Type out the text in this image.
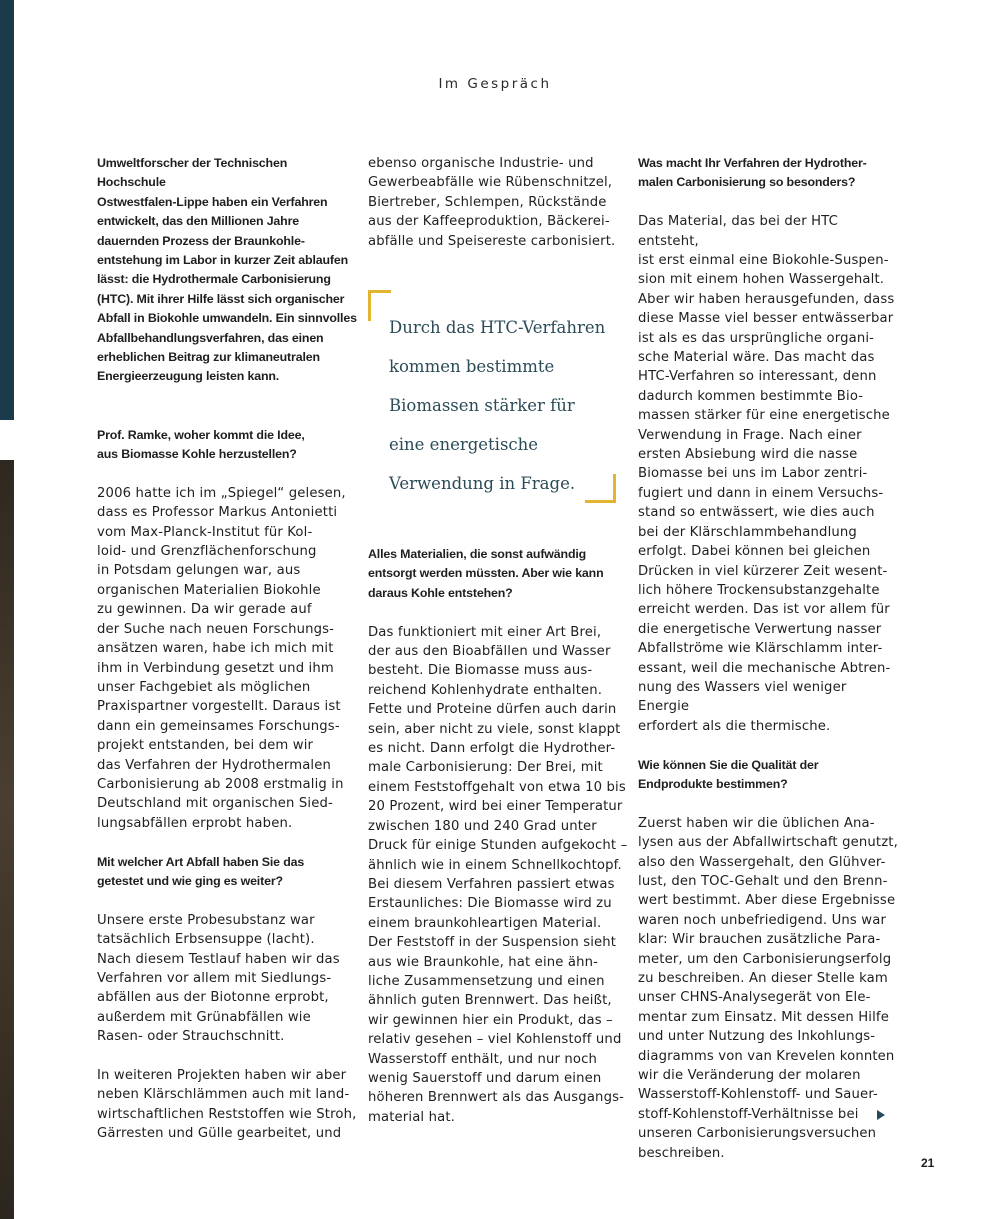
Im Gespräch

Umweltforscher der Technischen Hochschule
Ostwestfalen-Lippe haben ein Verfahren
entwickelt, das den Millionen Jahre
dauernden Prozess der Braunkohle-
entstehung im Labor in kurzer Zeit ablaufen
lässt: die Hydrothermale Carbonisierung
(HTC). Mit ihrer Hilfe lässt sich organischer
Abfall in Biokohle umwandeln. Ein sinnvolles
Abfallbehandlungsverfahren, das einen
erheblichen Beitrag zur klimaneutralen
Energieerzeugung leisten kann.

Prof. Ramke, woher kommt die Idee,
aus Biomasse Kohle herzustellen?

2006 hatte ich im „Spiegel“ gelesen,
dass es Professor Markus Antonietti
vom Max-Planck-Institut für Kol-
loid- und Grenzflächenforschung
in Potsdam gelungen war, aus
organischen Materialien Biokohle
zu gewinnen. Da wir gerade auf
der Suche nach neuen Forschungs-
ansätzen waren, habe ich mich mit
ihm in Verbindung gesetzt und ihm
unser Fachgebiet als möglichen
Praxispartner vorgestellt. Daraus ist
dann ein gemeinsames Forschungs-
projekt entstanden, bei dem wir
das Verfahren der Hydrothermalen
Carbonisierung ab 2008 erstmalig in
Deutschland mit organischen Sied-
lungsabfällen erprobt haben.

Mit welcher Art Abfall haben Sie das
getestet und wie ging es weiter?

Unsere erste Probesubstanz war
tatsächlich Erbsensuppe (lacht).
Nach diesem Testlauf haben wir das
Verfahren vor allem mit Siedlungs-
abfällen aus der Biotonne erprobt,
außerdem mit Grünabfällen wie
Rasen- oder Strauchschnitt.

In weiteren Projekten haben wir aber
neben Klärschlämmen auch mit land-
wirtschaftlichen Reststoffen wie Stroh,
Gärresten und Gülle gearbeitet, und

ebenso organische Industrie- und
Gewerbeabfälle wie Rübenschnitzel,
Biertreber, Schlempen, Rückstände
aus der Kaffeeproduktion, Bäckerei-
abfälle und Speisereste carbonisiert.

Durch das HTC-Verfahren
kommen bestimmte
Biomassen stärker für
eine energetische
Verwendung in Frage.

Alles Materialien, die sonst aufwändig
entsorgt werden müssten. Aber wie kann
daraus Kohle entstehen?

Das funktioniert mit einer Art Brei,
der aus den Bioabfällen und Wasser
besteht. Die Biomasse muss aus-
reichend Kohlenhydrate enthalten.
Fette und Proteine dürfen auch darin
sein, aber nicht zu viele, sonst klappt
es nicht. Dann erfolgt die Hydrother-
male Carbonisierung: Der Brei, mit
einem Feststoffgehalt von etwa 10 bis
20 Prozent, wird bei einer Temperatur
zwischen 180 und 240 Grad unter
Druck für einige Stunden aufgekocht –
ähnlich wie in einem Schnellkochtopf.
Bei diesem Verfahren passiert etwas
Erstaunliches: Die Biomasse wird zu
einem braunkohleartigen Material.
Der Feststoff in der Suspension sieht
aus wie Braunkohle, hat eine ähn-
liche Zusammensetzung und einen
ähnlich guten Brennwert. Das heißt,
wir gewinnen hier ein Produkt, das –
relativ gesehen – viel Kohlenstoff und
Wasserstoff enthält, und nur noch
wenig Sauerstoff und darum einen
höheren Brennwert als das Ausgangs-
material hat.

Was macht Ihr Verfahren der Hydrother-
malen Carbonisierung so besonders?

Das Material, das bei der HTC entsteht,
ist erst einmal eine Biokohle-Suspen-
sion mit einem hohen Wassergehalt.
Aber wir haben herausgefunden, dass
diese Masse viel besser entwässerbar
ist als es das ursprüngliche organi-
sche Material wäre. Das macht das
HTC-Verfahren so interessant, denn
dadurch kommen bestimmte Bio-
massen stärker für eine energetische
Verwendung in Frage. Nach einer
ersten Absiebung wird die nasse
Biomasse bei uns im Labor zentri-
fugiert und dann in einem Versuchs-
stand so entwässert, wie dies auch
bei der Klärschlammbehandlung
erfolgt. Dabei können bei gleichen
Drücken in viel kürzerer Zeit wesent-
lich höhere Trockensubstanzgehalte
erreicht werden. Das ist vor allem für
die energetische Verwertung nasser
Abfallströme wie Klärschlamm inter-
essant, weil die mechanische Abtren-
nung des Wassers viel weniger Energie
erfordert als die thermische.

Wie können Sie die Qualität der
Endprodukte bestimmen?

Zuerst haben wir die üblichen Ana-
lysen aus der Abfallwirtschaft genutzt,
also den Wassergehalt, den Glühver-
lust, den TOC-Gehalt und den Brenn-
wert bestimmt. Aber diese Ergebnisse
waren noch unbefriedigend. Uns war
klar: Wir brauchen zusätzliche Para-
meter, um den Carbonisierungserfolg
zu beschreiben. An dieser Stelle kam
unser CHNS-Analysegerät von Ele-
mentar zum Einsatz. Mit dessen Hilfe
und unter Nutzung des Inkohlungs-
diagramms von van Krevelen konnten
wir die Veränderung der molaren
Wasserstoff-Kohlenstoff- und Sauer-
stoff-Kohlenstoff-Verhältnisse bei
unseren Carbonisierungsversuchen
beschreiben.

21
